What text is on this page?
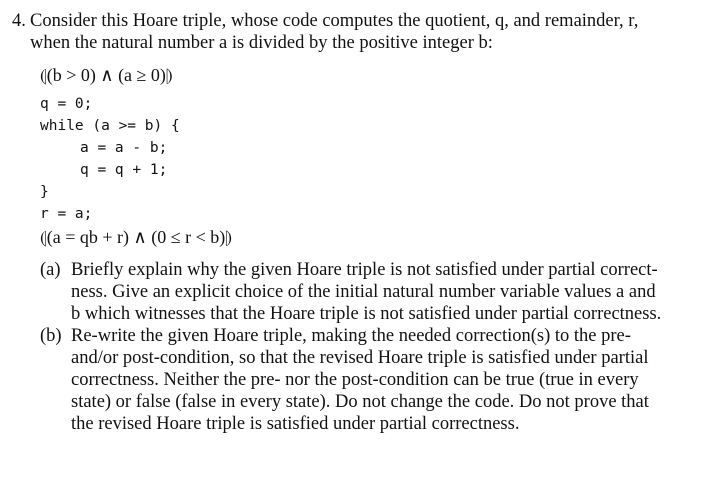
4. Consider this Hoare triple, whose code computes the quotient, q, and remainder, r,
when the natural number a is divided by the positive integer b:
⦇(b > 0) ∧ (a ≥ 0)⦈
q = 0;
while (a >= b) {
a = a - b;
q = q + 1;
}
r = a;
⦇(a = qb + r) ∧ (0 ≤ r < b)⦈
(a) Briefly explain why the given Hoare triple is not satisfied under partial correct-
ness. Give an explicit choice of the initial natural number variable values a and
b which witnesses that the Hoare triple is not satisfied under partial correctness.
(b) Re-write the given Hoare triple, making the needed correction(s) to the pre-
and/or post-condition, so that the revised Hoare triple is satisfied under partial
correctness. Neither the pre- nor the post-condition can be true (true in every
state) or false (false in every state). Do not change the code. Do not prove that
the revised Hoare triple is satisfied under partial correctness.
